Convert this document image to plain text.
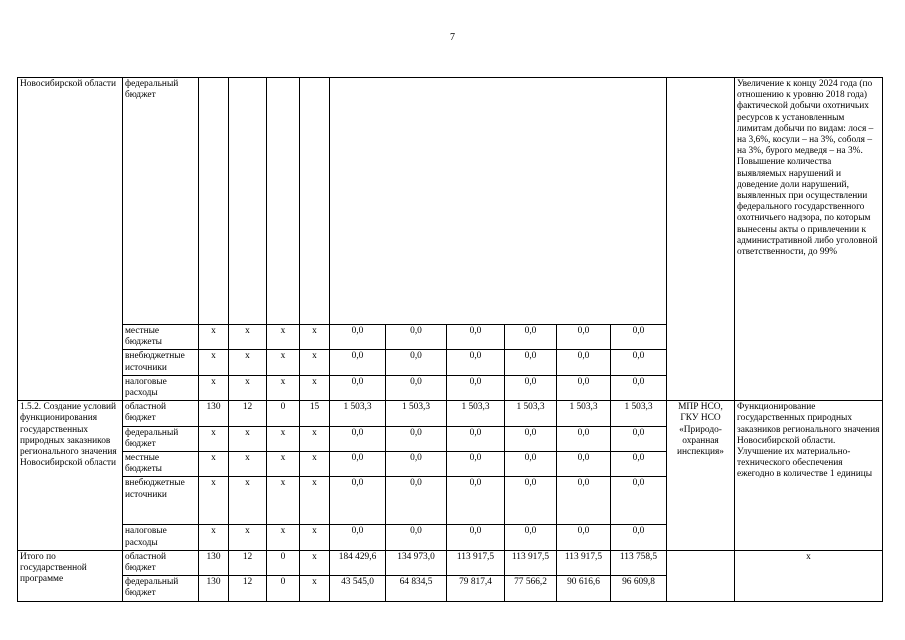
7
Новосибирской области	федеральный бюджет												Увеличение к концу 2024 года (по отношению к уровню 2018 года) фактической добычи охотничьих ресурсов к установленным лимитам добычи по видам: лося – на 3,6%, косули – на 3%, соболя – на 3%, бурого медведя – на 3%. Повышение количества выявляемых нарушений и доведение доли нарушений, выявленных при осуществлении федерального государственного охотничьего надзора, по которым вынесены акты о привлечении к административной либо уголовной ответственности, до 99%
	местные бюджеты	х	х	х	х	0,0	0,0	0,0	0,0	0,0	0,0		
	внебюджетные источники	х	х	х	х	0,0	0,0	0,0	0,0	0,0	0,0		
	налоговые расходы	х	х	х	х	0,0	0,0	0,0	0,0	0,0	0,0		
1.5.2. Создание условий функционирования государственных природных заказников регионального значения Новосибирской области	областной бюджет	130	12	0	15	1 503,3	1 503,3	1 503,3	1 503,3	1 503,3	1 503,3	МПР НСО, ГКУ НСО «Природо-охранная инспекция»	Функционирование государственных природных заказников регионального значения Новосибирской области. Улучшение их материально-технического обеспечения ежегодно в количестве 1 единицы
	федеральный бюджет	х	х	х	х	0,0	0,0	0,0	0,0	0,0	0,0		
	местные бюджеты	х	х	х	х	0,0	0,0	0,0	0,0	0,0	0,0		
	внебюджетные источники	х	х	х	х	0,0	0,0	0,0	0,0	0,0	0,0		
	налоговые расходы	х	х	х	х	0,0	0,0	0,0	0,0	0,0	0,0		
Итого по государственной программе	областной бюджет	130	12	0	х	184 429,6	134 973,0	113 917,5	113 917,5	113 917,5	113 758,5		х
	федеральный бюджет	130	12	0	х	43 545,0	64 834,5	79 817,4	77 566,2	90 616,6	96 609,8		
